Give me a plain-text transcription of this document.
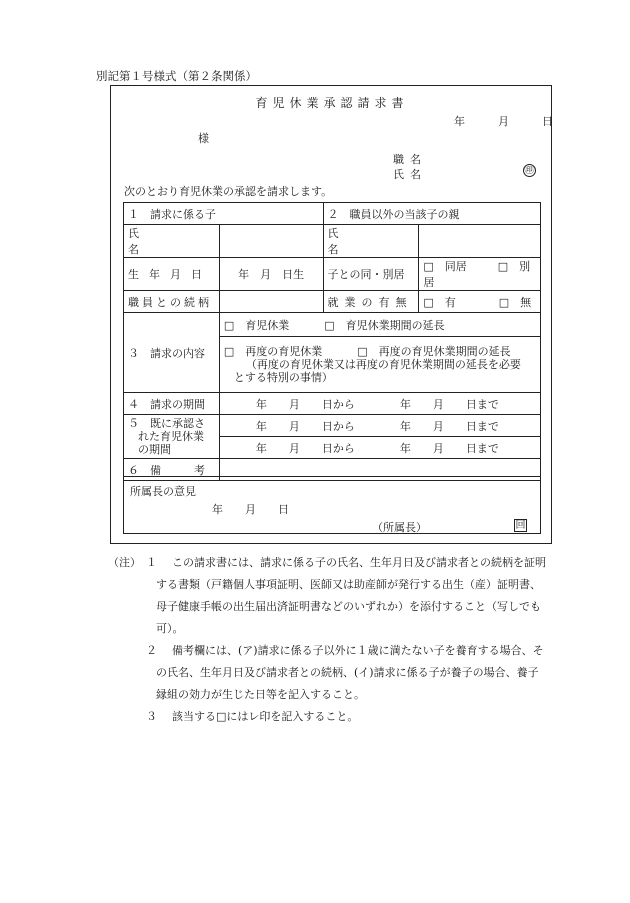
別記第１号様式（第２条関係）
育児休業承認請求書
年	月	日
様
職名
氏名	㊞
次のとおり育児休業の承認を請求します。
１　請求に係る子		２　職員以外の当該子の親	
氏名		氏名	
生年月日	年　月　日生	子との同・別居	□　同居 □　別居
職員との続柄		就業の有無	□　有 □　無
３　請求の内容	□　育児休業 □　育児休業期間の延長		

	□　再度の育児休業 □　再度の育児休業期間の延長
（再度の育児休業又は再度の育児休業期間の延長を必要
とする特別の事情）		

４　請求の期間	年　　月　　日から 年　　月　　日まで		

５　既に承認さ
れた育児休業
の期間	年　　月　　日から 年　　月　　日まで		
	年　　月　　日から 年　　月　　日まで		
６　備 考			
所属長の意見
年　　月　　日
（所属長）	回
（注） １	この請求書には、請求に係る子の氏名、生年月日及び請求者との続柄を証明
する書類（戸籍個人事項証明、医師又は助産師が発行する出生（産）証明書、
母子健康手帳の出生届出済証明書などのいずれか）を添付すること（写しでも
可）。
２	備考欄には、(ア)請求に係る子以外に１歳に満たない子を養育する場合、そ
の氏名、生年月日及び請求者との続柄、(イ)請求に係る子が養子の場合、養子
縁組の効力が生じた日等を記入すること。
３	該当する□にはレ印を記入すること。
